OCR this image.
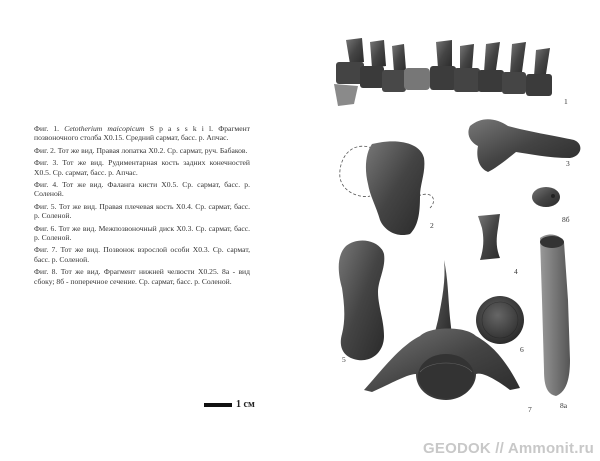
Фиг. 1. Cetotherium maicopicum S p a s s k i l. Фрагмент позвоночного столба X0.15. Средний сармат, басс. р. Апчас.

Фиг. 2. Тот же вид. Правая лопатка X0.2. Ср. сармат, руч. Бабаков.

Фиг. 3. Тот же вид. Рудиментарная кость задних конечностей X0.5. Ср. сармат, басс. р. Апчас.

Фиг. 4. Тот же вид. Фаланга кисти X0.5. Ср. сармат, басс. р. Соленой.

Фиг. 5. Тот же вид. Правая плечевая кость X0.4. Ср. сармат, басс. р. Соленой.

Фиг. 6. Тот же вид. Межпозвоночный диск X0.3. Ср. сармат, басс. р. Соленой.

Фиг. 7. Тот же вид. Позвонок взрослой особи X0.3. Ср. сармат, басс. р. Соленой.

Фиг. 8. Тот же вид. Фрагмент нижней челюсти X0.25. 8а - вид сбоку; 8б - поперечное сечение. Ср. сармат, басс. р. Соленой.

1 см
1
2
3
8б
4
8а
5
6
7
GEODOK // Ammonit.ru
